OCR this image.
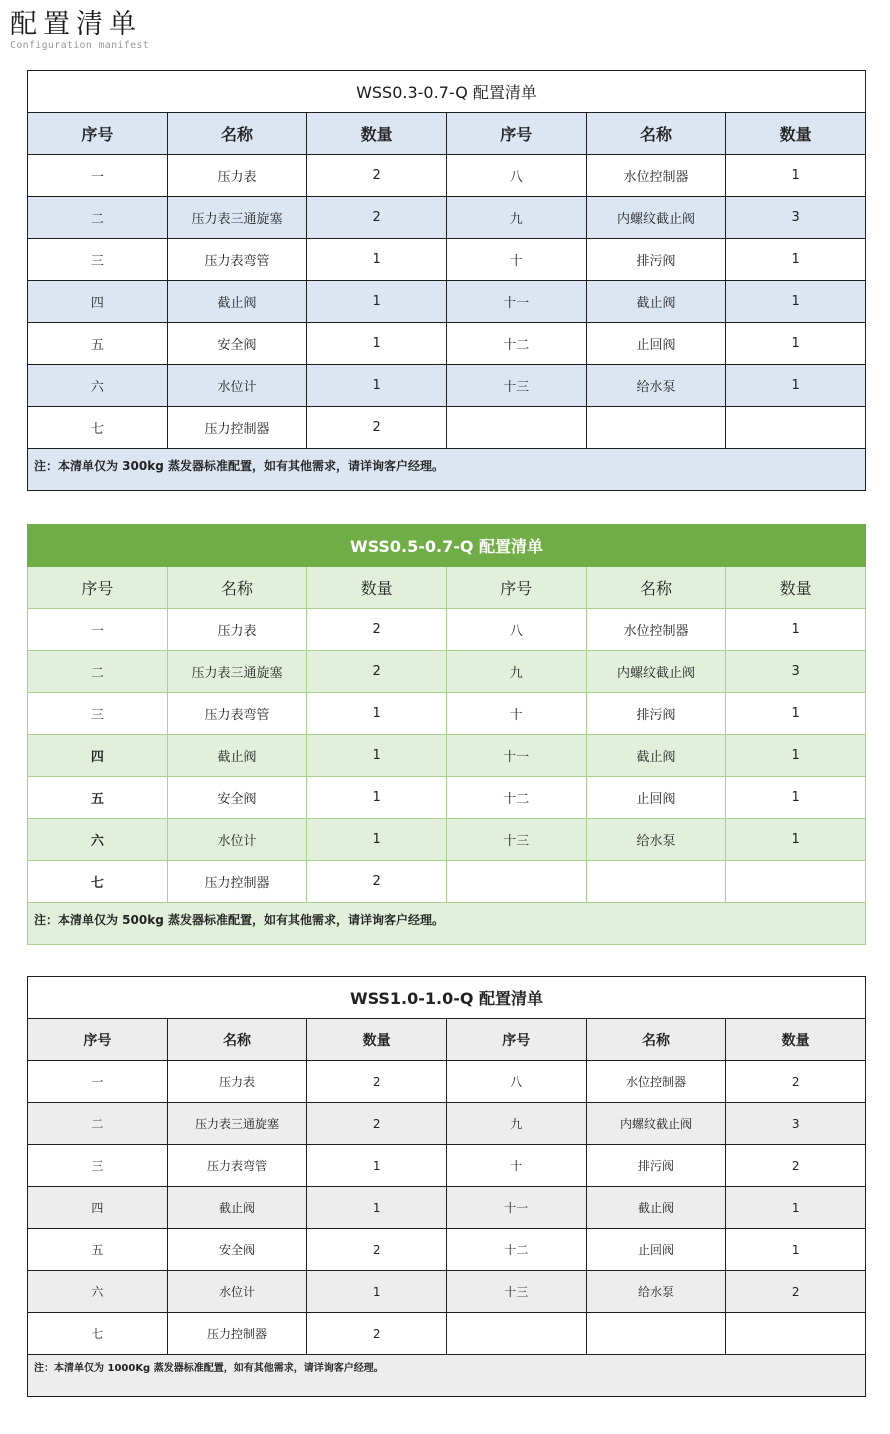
配置清单
Configuration manifest
WSS0.3-0.7-Q 配置清单					
序号	名称	数量	序号	名称	数量
一	压力表	2	八	水位控制器	1
二	压力表三通旋塞	2	九	内螺纹截止阀	3
三	压力表弯管	1	十	排污阀	1
四	截止阀	1	十一	截止阀	1
五	安全阀	1	十二	止回阀	1
六	水位计	1	十三	给水泵	1
七	压力控制器	2			
注：本清单仅为 300kg 蒸发器标准配置，如有其他需求，请详询客户经理。					
WSS0.5-0.7-Q 配置清单					
序号	名称	数量	序号	名称	数量
一	压力表	2	八	水位控制器	1
二	压力表三通旋塞	2	九	内螺纹截止阀	3
三	压力表弯管	1	十	排污阀	1
四	截止阀	1	十一	截止阀	1
五	安全阀	1	十二	止回阀	1
六	水位计	1	十三	给水泵	1
七	压力控制器	2			
注：本清单仅为 500kg 蒸发器标准配置，如有其他需求，请详询客户经理。					
WSS1.0-1.0-Q 配置清单					
序号	名称	数量	序号	名称	数量
一	压力表	2	八	水位控制器	2
二	压力表三通旋塞	2	九	内螺纹截止阀	3
三	压力表弯管	1	十	排污阀	2
四	截止阀	1	十一	截止阀	1
五	安全阀	2	十二	止回阀	1
六	水位计	1	十三	给水泵	2
七	压力控制器	2			
注：本清单仅为 1000Kg 蒸发器标准配置，如有其他需求，请详询客户经理。					
